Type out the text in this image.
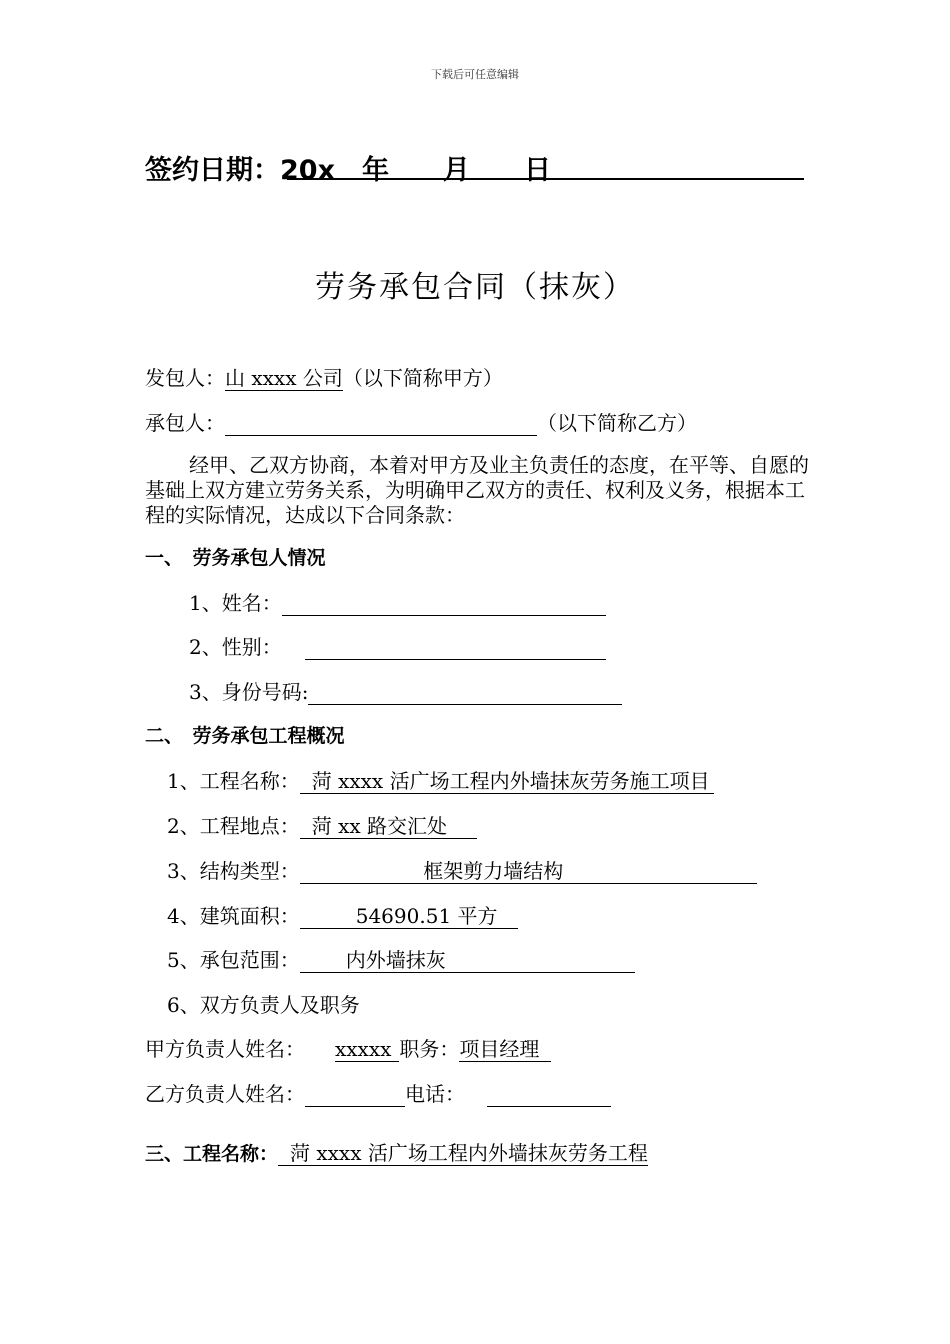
下载后可任意编辑
签约日期：20x　年　　月　　日
劳务承包合同（抹灰）
发包人：山 xxxx 公司（以下简称甲方）
承包人：	（以下简称乙方）
经甲、乙双方协商，本着对甲方及业主负责任的态度，在平等、自愿的基础上双方建立劳务关系，为明确甲乙双方的责任、权利及义务，根据本工程的实际情况，达成以下合同条款：
一、　劳务承包人情况
1、姓名：
2、性别：
3、身份号码:
二、　劳务承包工程概况
1、工程名称： 菏 xxxx 活广场工程内外墙抹灰劳务施工项目
2、工程地点： 菏 xx 路交汇处
3、结构类型：	框架剪力墙结构
4、建筑面积：	54690.51 平方
5、承包范围： 内外墙抹灰
6、双方负责人及职务
甲方负责人姓名： xxxxx 职务：项目经理
乙方负责人姓名：	电话：
三、工程名称： 菏 xxxx 活广场工程内外墙抹灰劳务工程
